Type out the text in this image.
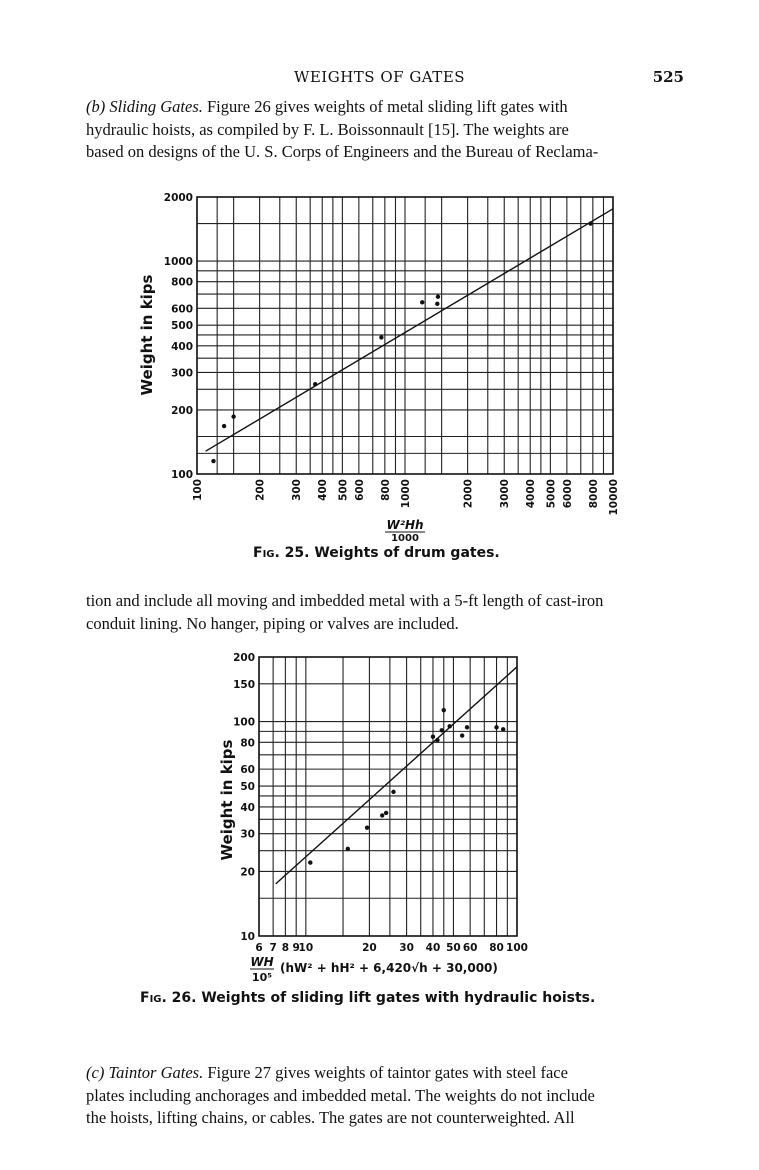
WEIGHTS OF GATES	525
(b) Sliding Gates. Figure 26 gives weights of metal sliding lift gates with
hydraulic hoists, as compiled by F. L. Boissonnault [15]. The weights are
based on designs of the U. S. Corps of Engineers and the Bureau of Reclama-
tion and include all moving and imbedded metal with a 5-ft length of cast-iron
conduit lining. No hanger, piping or valves are included.
(c) Taintor Gates. Figure 27 gives weights of taintor gates with steel face
plates including anchorages and imbedded metal. The weights do not include
the hoists, lifting chains, or cables. The gates are not counterweighted. All
100
200
300
400
500
600
800
1000
2000
100	200 300 400 500 600 800 1000	2000 3000 4000 5000 6000 8000 10000
Weight in kips
W²Hh
1000
Fig. 25. Weights of drum gates.
10
20
30
40
50
60
80
100
150
200
6 7 8 9
10	20 30 40 50 60 80 100
Weight in kips
WH
10⁵
(hW² + hH² + 6,420√h + 30,000)
Fig. 26. Weights of sliding lift gates with hydraulic hoists.
